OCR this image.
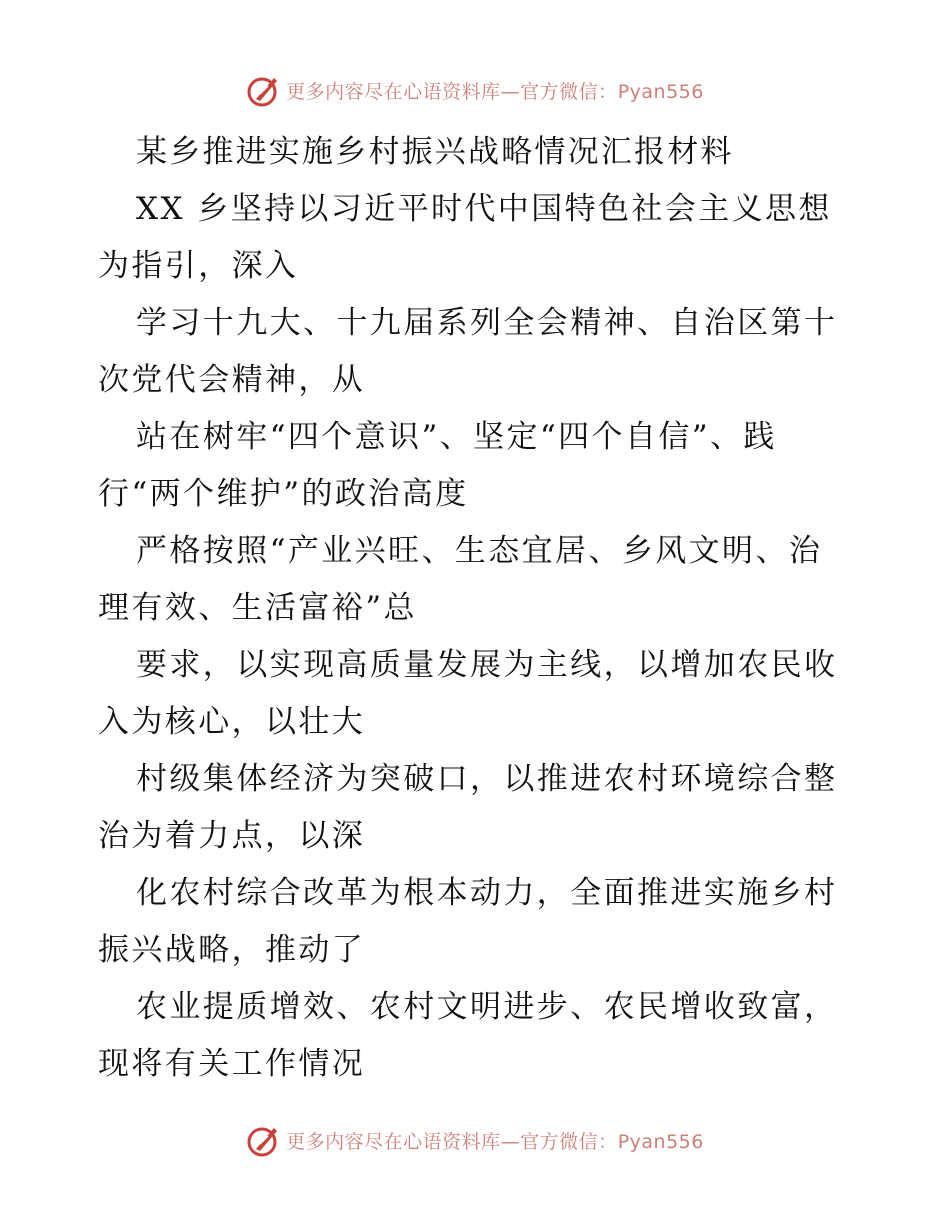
更多内容尽在心语资料库—官方微信：Pyan556
某乡推进实施乡村振兴战略情况汇报材料
XX 乡坚持以习近平时代中国特色社会主义思想
为指引，深入
学习十九大、十九届系列全会精神、自治区第十
次党代会精神，从
站在树牢“四个意识”、坚定“四个自信”、践
行“两个维护”的政治高度
严格按照“产业兴旺、生态宜居、乡风文明、治
理有效、生活富裕”总
要求，以实现高质量发展为主线，以增加农民收
入为核心，以壮大
村级集体经济为突破口，以推进农村环境综合整
治为着力点，以深
化农村综合改革为根本动力，全面推进实施乡村
振兴战略，推动了
农业提质增效、农村文明进步、农民增收致富，
现将有关工作情况
更多内容尽在心语资料库—官方微信：Pyan556
